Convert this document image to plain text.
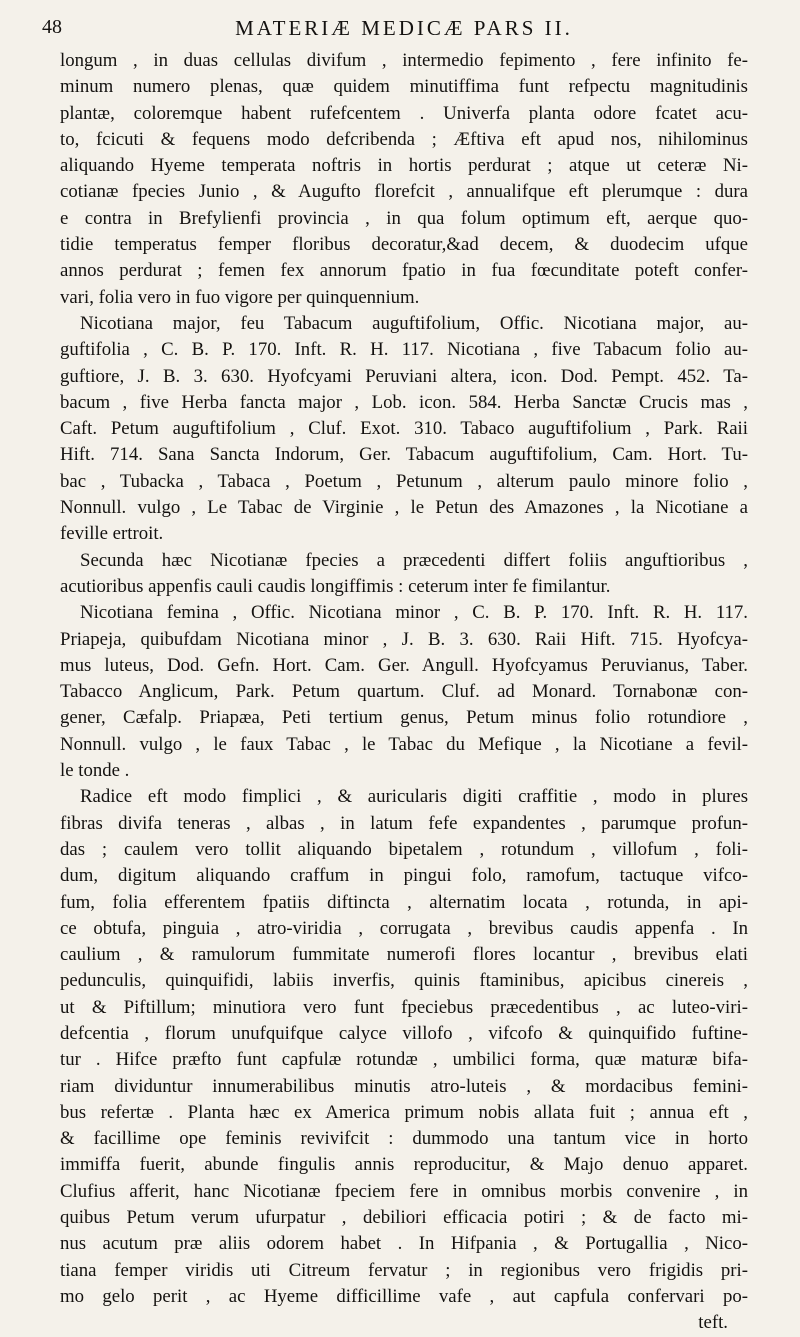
48	MATERIÆ MEDICÆ PARS II.
longum , in duas cellulas divifum , intermedio fepimento , fere infinito fe-
minum numero plenas, quæ quidem minutiffima funt refpectu magnitudinis
plantæ, coloremque habent rufefcentem . Univerfa planta odore fcatet acu-
to, fcicuti & fequens modo defcribenda ; Æftiva eft apud nos, nihilominus
aliquando Hyeme temperata noftris in hortis perdurat ; atque ut ceteræ Ni-
cotianæ fpecies Junio , & Augufto florefcit , annualifque eft plerumque : dura
e contra in Brefylienfi provincia , in qua folum optimum eft, aerque quo-
tidie temperatus femper floribus decoratur,&ad decem, & duodecim ufque
annos perdurat ; femen fex annorum fpatio in fua fœcunditate poteft confer-
vari, folia vero in fuo vigore per quinquennium.
Nicotiana major, feu Tabacum auguftifolium, Offic. Nicotiana major, au-
guftifolia , C. B. P. 170. Inft. R. H. 117. Nicotiana , five Tabacum folio au-
guftiore, J. B. 3. 630. Hyofcyami Peruviani altera, icon. Dod. Pempt. 452. Ta-
bacum , five Herba fancta major , Lob. icon. 584. Herba Sanctæ Crucis mas ,
Caft. Petum auguftifolium , Cluf. Exot. 310. Tabaco auguftifolium , Park. Raii
Hift. 714. Sana Sancta Indorum, Ger. Tabacum auguftifolium, Cam. Hort. Tu-
bac , Tubacka , Tabaca , Poetum , Petunum , alterum paulo minore folio ,
Nonnull. vulgo , Le Tabac de Virginie , le Petun des Amazones , la Nicotiane a
feville ertroit.
Secunda hæc Nicotianæ fpecies a præcedenti differt foliis anguftioribus ,
acutioribus appenfis cauli caudis longiffimis : ceterum inter fe fimilantur.
Nicotiana femina , Offic. Nicotiana minor , C. B. P. 170. Inft. R. H. 117.
Priapeja, quibufdam Nicotiana minor , J. B. 3. 630. Raii Hift. 715. Hyofcya-
mus luteus, Dod. Gefn. Hort. Cam. Ger. Angull. Hyofcyamus Peruvianus, Taber.
Tabacco Anglicum, Park. Petum quartum. Cluf. ad Monard. Tornabonæ con-
gener, Cæfalp. Priapæa, Peti tertium genus, Petum minus folio rotundiore ,
Nonnull. vulgo , le faux Tabac , le Tabac du Mefique , la Nicotiane a fevil-
le tonde .
Radice eft modo fimplici , & auricularis digiti craffitie , modo in plures
fibras divifa teneras , albas , in latum fefe expandentes , parumque profun-
das ; caulem vero tollit aliquando bipetalem , rotundum , villofum , foli-
dum, digitum aliquando craffum in pingui folo, ramofum, tactuque vifco-
fum, folia efferentem fpatiis diftincta , alternatim locata , rotunda, in api-
ce obtufa, pinguia , atro-viridia , corrugata , brevibus caudis appenfa . In
caulium , & ramulorum fummitate numerofi flores locantur , brevibus elati
pedunculis, quinquifidi, labiis inverfis, quinis ftaminibus, apicibus cinereis ,
ut & Piftillum; minutiora vero funt fpeciebus præcedentibus , ac luteo-viri-
defcentia , florum unufquifque calyce villofo , vifcofo & quinquifido fuftine-
tur . Hifce præfto funt capfulæ rotundæ , umbilici forma, quæ maturæ bifa-
riam dividuntur innumerabilibus minutis atro-luteis , & mordacibus femini-
bus refertæ . Planta hæc ex America primum nobis allata fuit ; annua eft ,
& facillime ope feminis revivifcit : dummodo una tantum vice in horto
immiffa fuerit, abunde fingulis annis reproducitur, & Majo denuo apparet.
Clufius afferit, hanc Nicotianæ fpeciem fere in omnibus morbis convenire , in
quibus Petum verum ufurpatur , debiliori efficacia potiri ; & de facto mi-
nus acutum præ aliis odorem habet . In Hifpania , & Portugallia , Nico-
tiana femper viridis uti Citreum fervatur ; in regionibus vero frigidis pri-
mo gelo perit , ac Hyeme difficillime vafe , aut capfula confervari po-
teft.
